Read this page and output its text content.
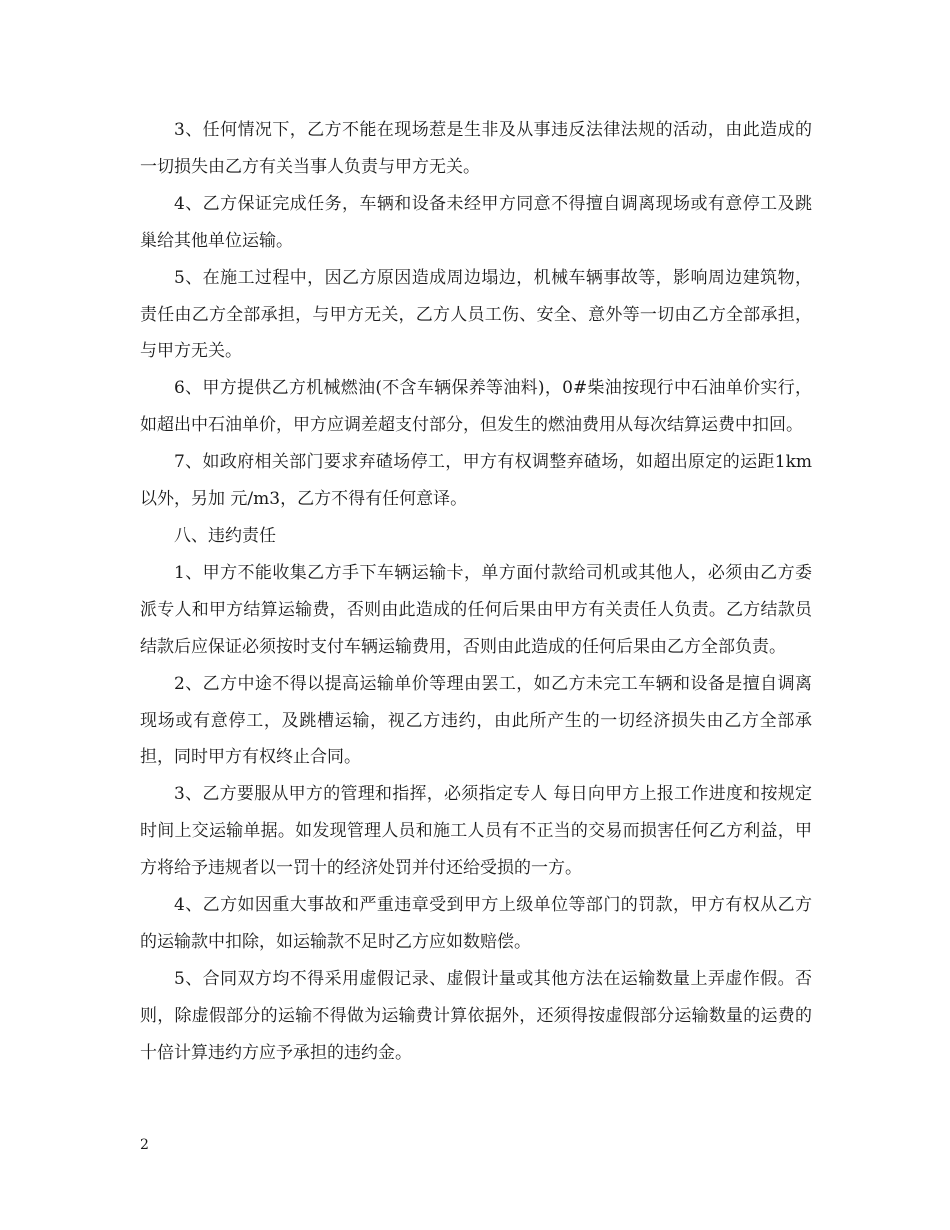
3、任何情况下，乙方不能在现场惹是生非及从事违反法律法规的活动，由此造成的一切损失由乙方有关当事人负责与甲方无关。

4、乙方保证完成任务，车辆和设备未经甲方同意不得擅自调离现场或有意停工及跳巢给其他单位运输。

5、在施工过程中，因乙方原因造成周边塌边，机械车辆事故等，影响周边建筑物，责任由乙方全部承担，与甲方无关，乙方人员工伤、安全、意外等一切由乙方全部承担，与甲方无关。

6、甲方提供乙方机械燃油(不含车辆保养等油料)，0#柴油按现行中石油单价实行，如超出中石油单价，甲方应调差超支付部分，但发生的燃油费用从每次结算运费中扣回。

7、如政府相关部门要求弃碴场停工，甲方有权调整弃碴场，如超出原定的运距1km以外，另加 元/m3，乙方不得有任何意译。

八、违约责任

1、甲方不能收集乙方手下车辆运输卡，单方面付款给司机或其他人，必须由乙方委派专人和甲方结算运输费，否则由此造成的任何后果由甲方有关责任人负责。乙方结款员结款后应保证必须按时支付车辆运输费用，否则由此造成的任何后果由乙方全部负责。

2、乙方中途不得以提高运输单价等理由罢工，如乙方未完工车辆和设备是擅自调离现场或有意停工，及跳槽运输，视乙方违约，由此所产生的一切经济损失由乙方全部承担，同时甲方有权终止合同。

3、乙方要服从甲方的管理和指挥，必须指定专人 每日向甲方上报工作进度和按规定时间上交运输单据。如发现管理人员和施工人员有不正当的交易而损害任何乙方利益，甲方将给予违规者以一罚十的经济处罚并付还给受损的一方。

4、乙方如因重大事故和严重违章受到甲方上级单位等部门的罚款，甲方有权从乙方的运输款中扣除，如运输款不足时乙方应如数赔偿。

5、合同双方均不得采用虚假记录、虚假计量或其他方法在运输数量上弄虚作假。否则，除虚假部分的运输不得做为运输费计算依据外，还须得按虚假部分运输数量的运费的十倍计算违约方应予承担的违约金。

2
